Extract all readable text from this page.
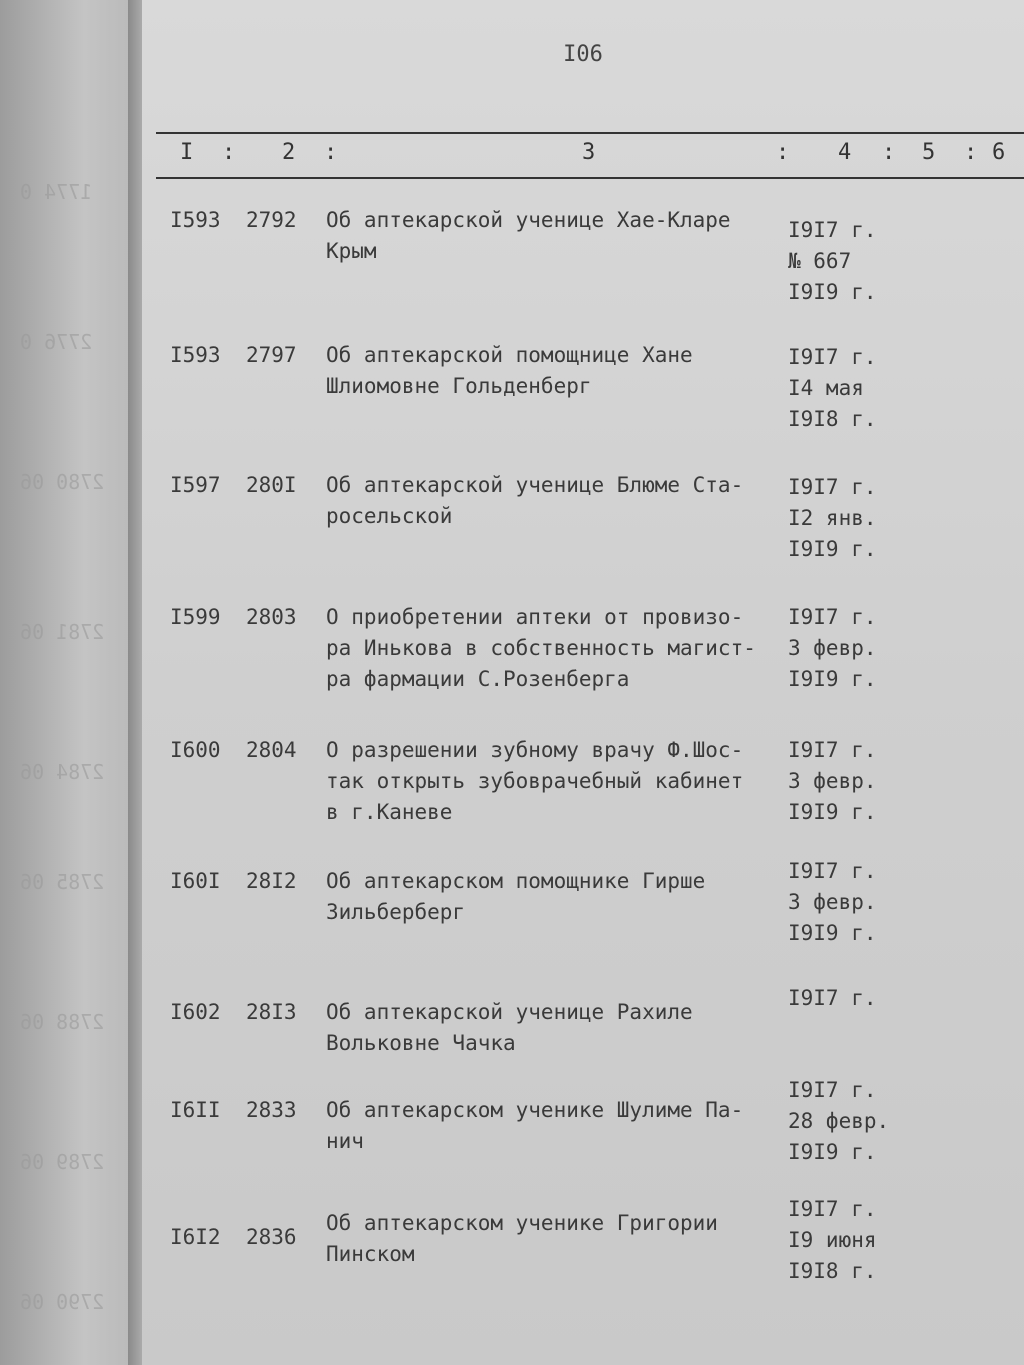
1774 0
2776 0
2780 06
2781 06
2784 06
2785 06
2788 06
2789 06
2790 06
I06
I : 2 :	3	: 4 : 5 : 6
I593 2792 Об аптекарской ученице Хае-Кларе
Крым
I9I7 г.
№ 667
I9I9 г.
I593 2797 Об аптекарской помощнице Хане
Шлиомовне Гольденберг
I9I7 г.
I4 мая
I9I8 г.
I597 280I Об аптекарской ученице Блюме Ста-
росельской
I9I7 г.
I2 янв.
I9I9 г.
I599 2803 О приобретении аптеки от провизо-
ра Инькова в собственность магист-
ра фармации С.Розенберга
I9I7 г.
3 февр.
I9I9 г.
I600 2804 О разрешении зубному врачу Ф.Шос-
так открыть зубоврачебный кабинет
в г.Каневе
I9I7 г.
3 февр.
I9I9 г.
I60I 28I2 Об аптекарском помощнике Гирше
Зильберберг
I9I7 г.
3 февр.
I9I9 г.
I602 28I3 Об аптекарской ученице Рахиле
Вольковне Чачка
I9I7 г.
I6II 2833 Об аптекарском ученике Шулиме Па-
нич
I9I7 г.
28 февр.
I9I9 г.
I6I2 2836
Об аптекарском ученике Григории
Пинском
I9I7 г.
I9 июня
I9I8 г.
